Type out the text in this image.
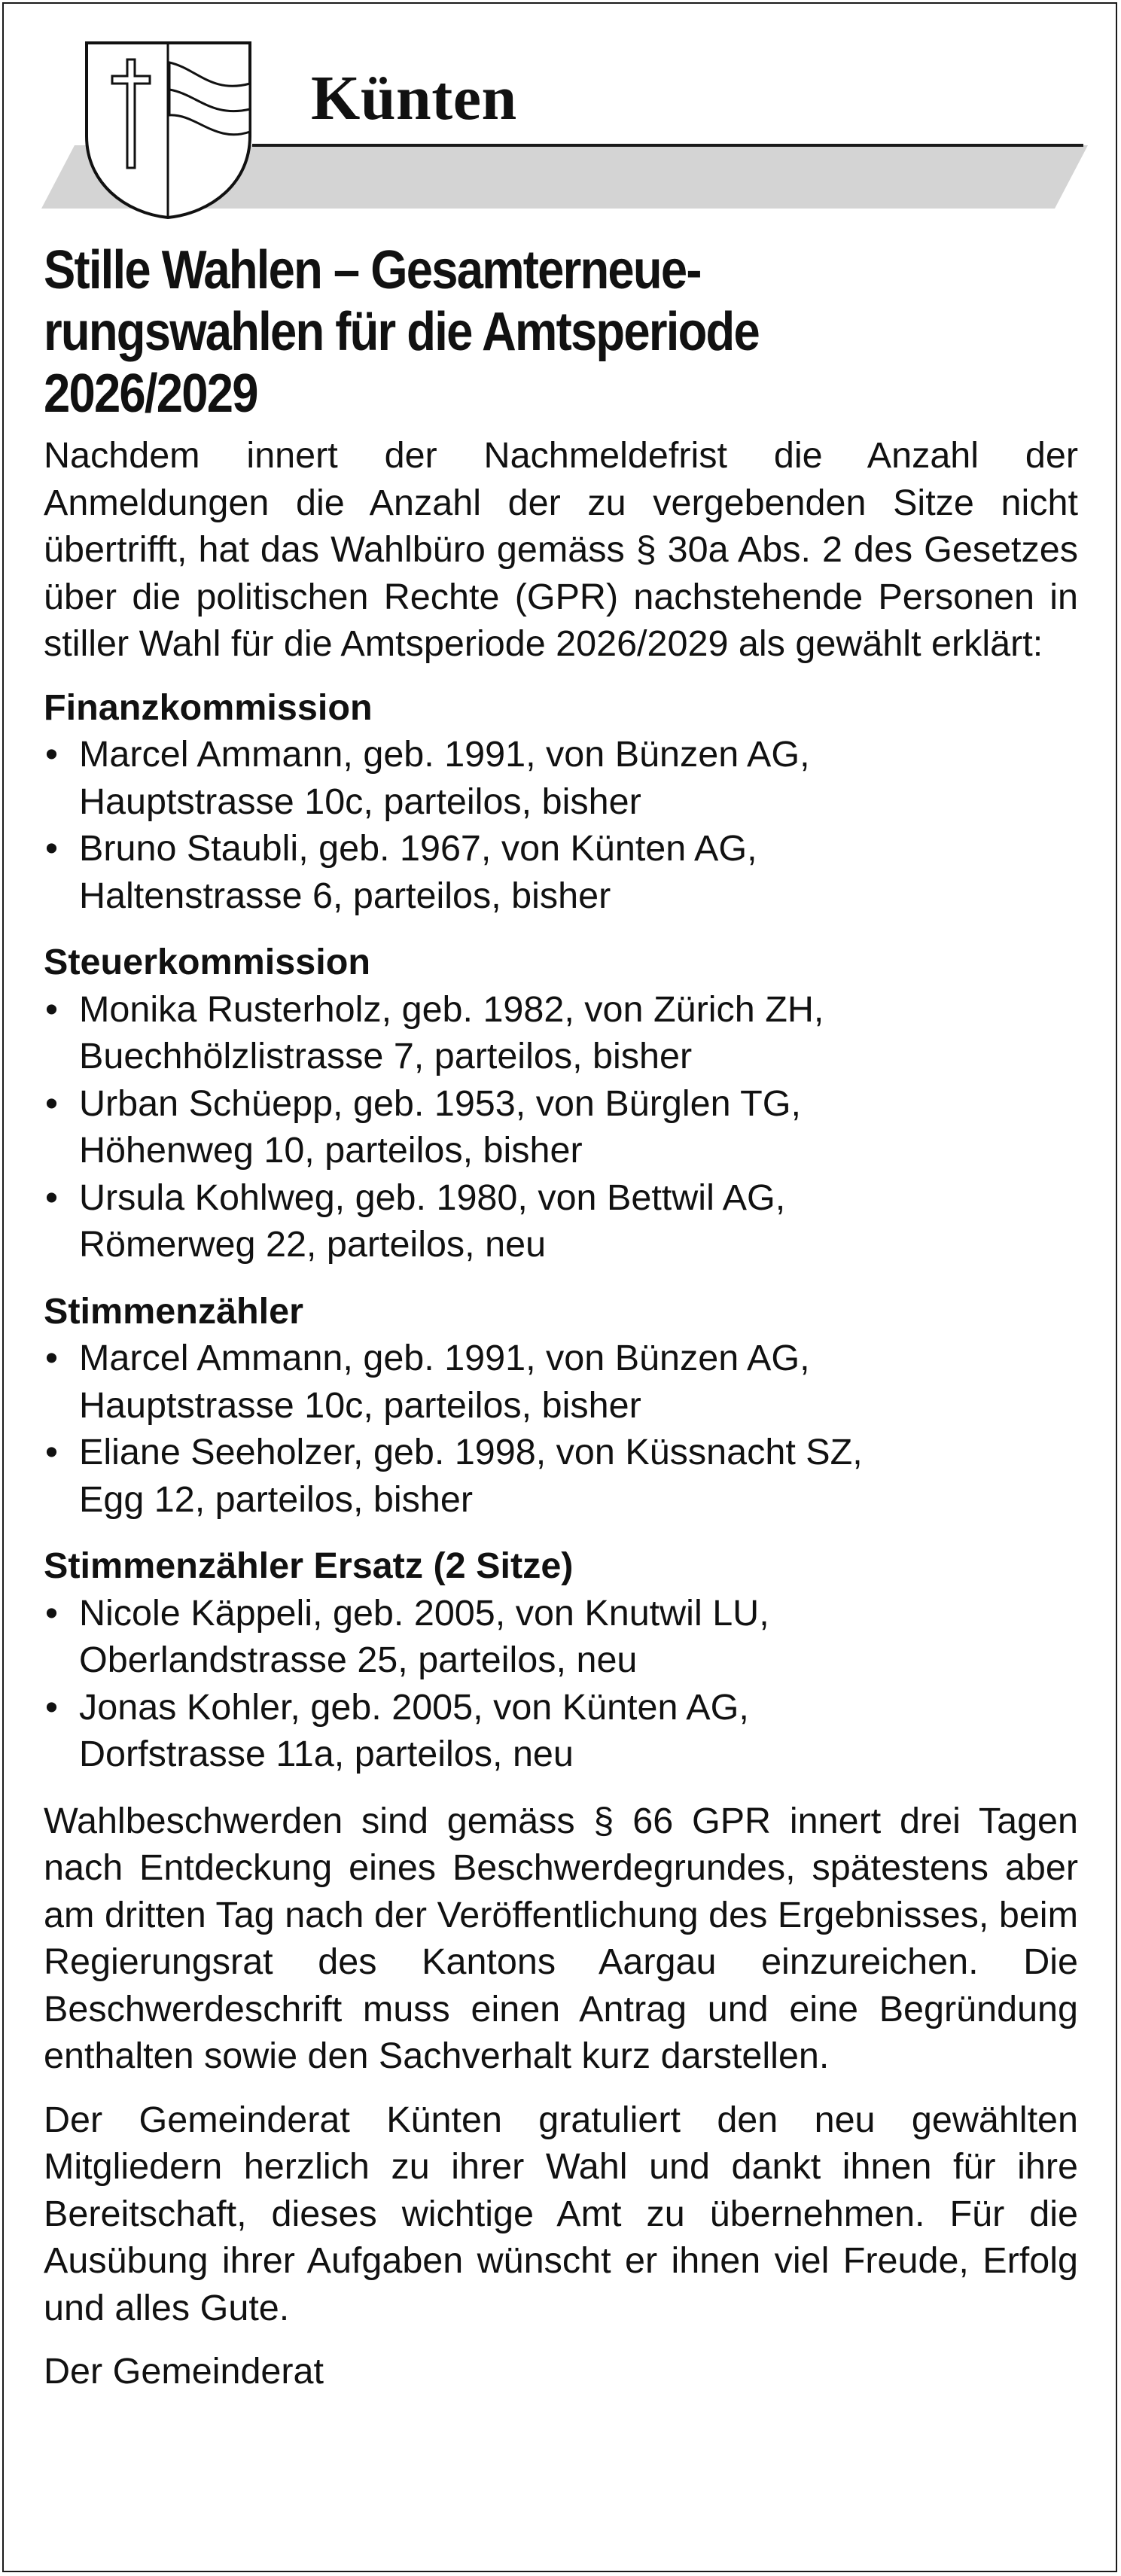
Künten
Stille Wahlen – Gesamterneue-
rungswahlen für die Amtsperiode
2026/2029

Nachdem innert der Nachmeldefrist die Anzahl der Anmeldungen die Anzahl der zu vergebenden Sitze nicht übertrifft, hat das Wahlbüro gemäss § 30a Abs. 2 des Gesetzes über die politischen Rechte (GPR) nachstehende Personen in stiller Wahl für die Amtsperiode 2026/2029 als gewählt erklärt:

Finanzkommission

• Marcel Ammann, geb. 1991, von Bünzen AG,
Hauptstrasse 10c, parteilos, bisher

• Bruno Staubli, geb. 1967, von Künten AG,
Haltenstrasse 6, parteilos, bisher

Steuerkommission

• Monika Rusterholz, geb. 1982, von Zürich ZH,
Buechhölzlistrasse 7, parteilos, bisher

• Urban Schüepp, geb. 1953, von Bürglen TG,
Höhenweg 10, parteilos, bisher

• Ursula Kohlweg, geb. 1980, von Bettwil AG,
Römerweg 22, parteilos, neu

Stimmenzähler

• Marcel Ammann, geb. 1991, von Bünzen AG,
Hauptstrasse 10c, parteilos, bisher

• Eliane Seeholzer, geb. 1998, von Küssnacht SZ,
Egg 12, parteilos, bisher

Stimmenzähler Ersatz (2 Sitze)

• Nicole Käppeli, geb. 2005, von Knutwil LU,
Oberlandstrasse 25, parteilos, neu

• Jonas Kohler, geb. 2005, von Künten AG,
Dorfstrasse 11a, parteilos, neu

Wahlbeschwerden sind gemäss § 66 GPR innert drei Tagen nach Entdeckung eines Beschwerdegrundes, spätestens aber am dritten Tag nach der Veröffentlichung des Ergebnisses, beim Regierungsrat des Kantons Aargau einzureichen. Die Beschwerdeschrift muss einen Antrag und eine Begründung enthalten sowie den Sachverhalt kurz darstellen.

Der Gemeinderat Künten gratuliert den neu gewählten Mitgliedern herzlich zu ihrer Wahl und dankt ihnen für ihre Bereitschaft, dieses wichtige Amt zu übernehmen. Für die Ausübung ihrer Aufgaben wünscht er ihnen viel Freude, Erfolg und alles Gute.

Der Gemeinderat
